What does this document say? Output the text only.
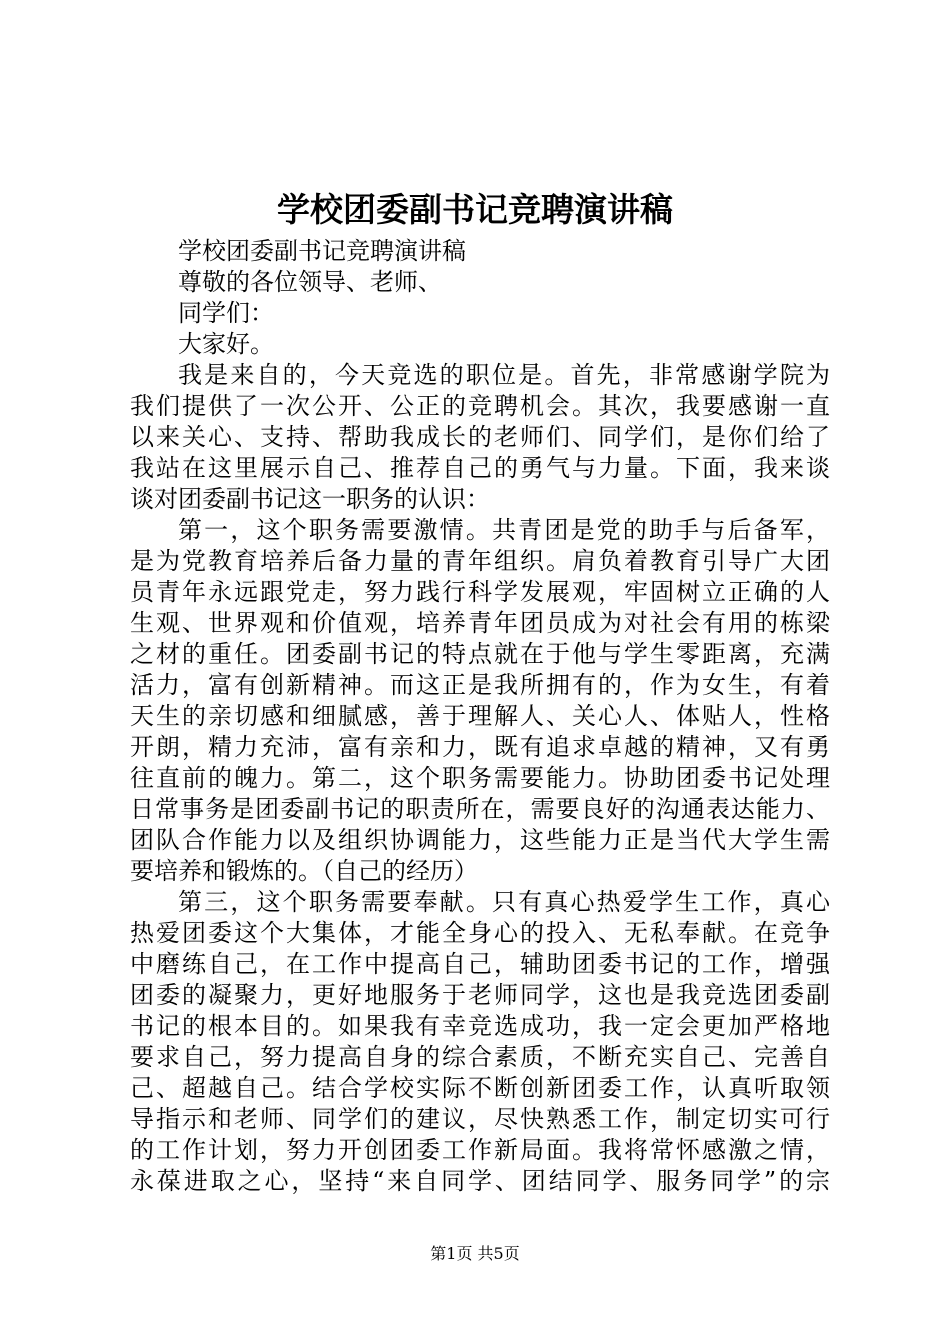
学校团委副书记竞聘演讲稿
学校团委副书记竞聘演讲稿
尊敬的各位领导、老师、
同学们：
大家好。
我是来自的，今天竞选的职位是。首先，非常感谢学院为
我们提供了一次公开、公正的竞聘机会。其次，我要感谢一直
以来关心、支持、帮助我成长的老师们、同学们，是你们给了
我站在这里展示自己、推荐自己的勇气与力量。下面，我来谈
谈对团委副书记这一职务的认识：
第一，这个职务需要激情。共青团是党的助手与后备军，
是为党教育培养后备力量的青年组织。肩负着教育引导广大团
员青年永远跟党走，努力践行科学发展观，牢固树立正确的人
生观、世界观和价值观，培养青年团员成为对社会有用的栋梁
之材的重任。团委副书记的特点就在于他与学生零距离，充满
活力，富有创新精神。而这正是我所拥有的，作为女生，有着
天生的亲切感和细腻感，善于理解人、关心人、体贴人，性格
开朗，精力充沛，富有亲和力，既有追求卓越的精神，又有勇
往直前的魄力。第二，这个职务需要能力。协助团委书记处理
日常事务是团委副书记的职责所在，需要良好的沟通表达能力、
团队合作能力以及组织协调能力，这些能力正是当代大学生需
要培养和锻炼的。（自己的经历）
第三，这个职务需要奉献。只有真心热爱学生工作，真心
热爱团委这个大集体，才能全身心的投入、无私奉献。在竞争
中磨练自己，在工作中提高自己，辅助团委书记的工作，增强
团委的凝聚力，更好地服务于老师同学，这也是我竞选团委副
书记的根本目的。如果我有幸竞选成功，我一定会更加严格地
要求自己，努力提高自身的综合素质，不断充实自己、完善自
己、超越自己。结合学校实际不断创新团委工作，认真听取领
导指示和老师、同学们的建议，尽快熟悉工作，制定切实可行
的工作计划，努力开创团委工作新局面。我将常怀感激之情，
永葆进取之心，坚持“来自同学、团结同学、服务同学”的宗
第1页 共5页
